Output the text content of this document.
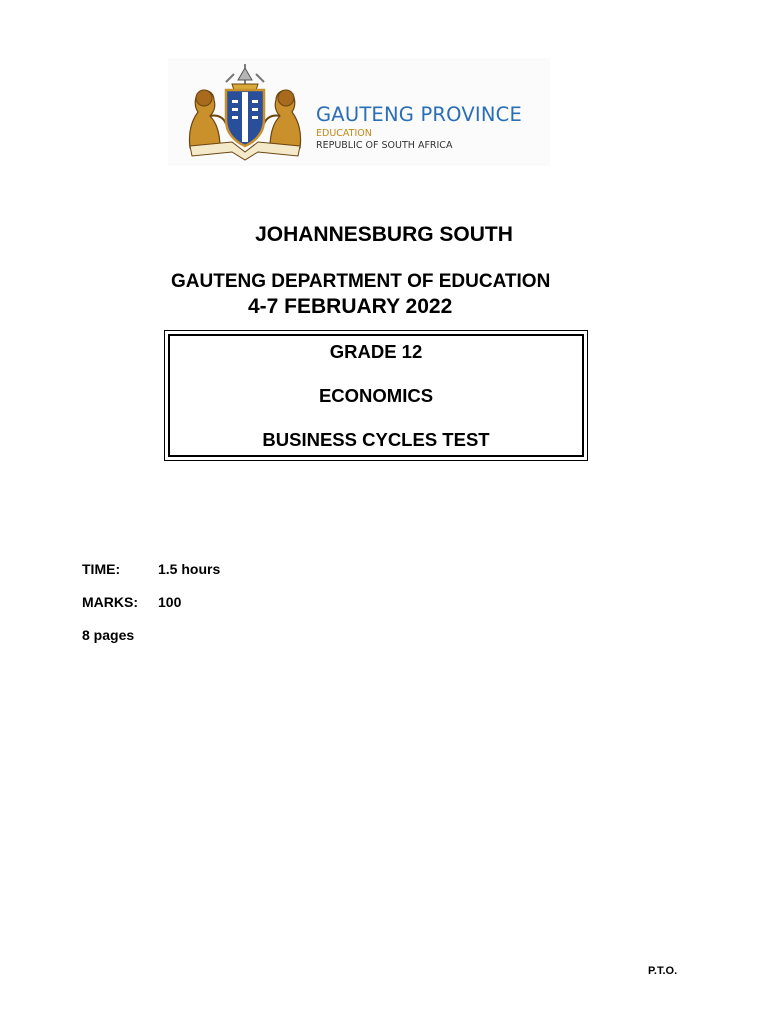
GAUTENG PROVINCE
EDUCATION
REPUBLIC OF SOUTH AFRICA
JOHANNESBURG SOUTH
GAUTENG DEPARTMENT OF EDUCATION
4-7 FEBRUARY 2022
GRADE 12
ECONOMICS
BUSINESS CYCLES TEST
TIME:	1.5 hours
MARKS: 100
8 pages
P.T.O.
